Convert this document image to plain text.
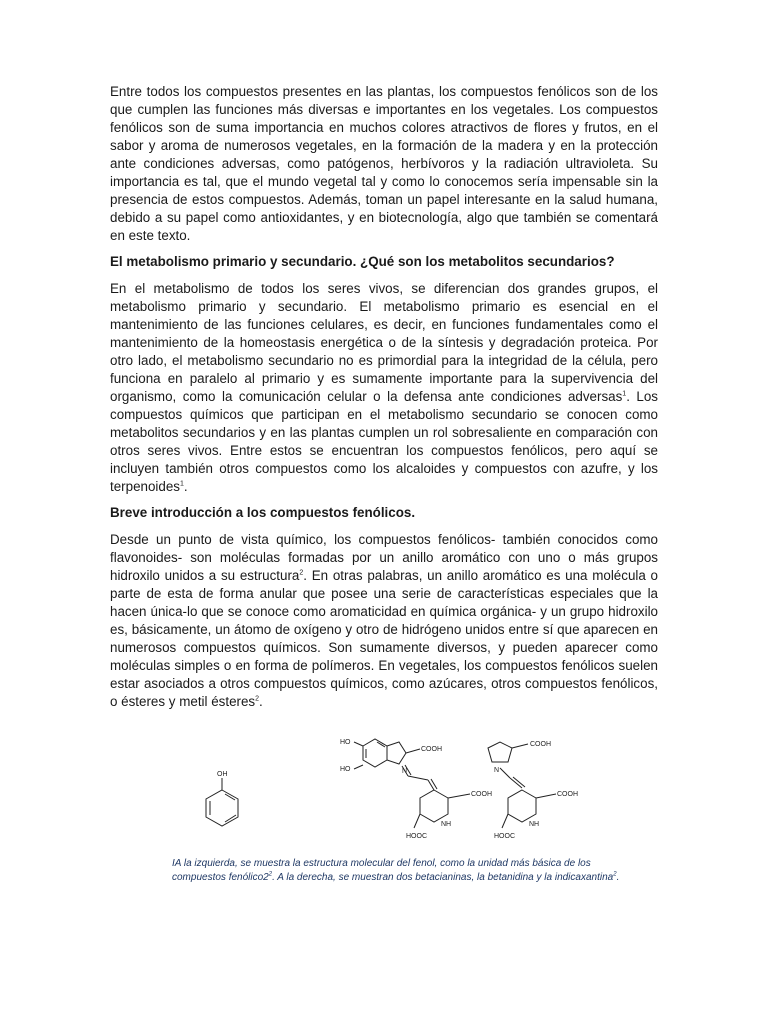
Entre todos los compuestos presentes en las plantas, los compuestos fenólicos son de los que cumplen las funciones más diversas e importantes en los vegetales. Los compuestos fenólicos son de suma importancia en muchos colores atractivos de flores y frutos, en el sabor y aroma de numerosos vegetales, en la formación de la madera y en la protección ante condiciones adversas, como patógenos, herbívoros y la radiación ultravioleta. Su importancia es tal, que el mundo vegetal tal y como lo conocemos sería impensable sin la presencia de estos compuestos. Además, toman un papel interesante en la salud humana, debido a su papel como antioxidantes, y en biotecnología, algo que también se comentará en este texto.

El metabolismo primario y secundario. ¿Qué son los metabolitos secundarios?

En el metabolismo de todos los seres vivos, se diferencian dos grandes grupos, el metabolismo primario y secundario. El metabolismo primario es esencial en el mantenimiento de las funciones celulares, es decir, en funciones fundamentales como el mantenimiento de la homeostasis energética o de la síntesis y degradación proteica. Por otro lado, el metabolismo secundario no es primordial para la integridad de la célula, pero funciona en paralelo al primario y es sumamente importante para la supervivencia del organismo, como la comunicación celular o la defensa ante condiciones adversas$^1$. Los compuestos químicos que participan en el metabolismo secundario se conocen como metabolitos secundarios y en las plantas cumplen un rol sobresaliente en comparación con otros seres vivos. Entre estos se encuentran los compuestos fenólicos, pero aquí se incluyen también otros compuestos como los alcaloides y compuestos con azufre, y los terpenoides$^1$.

Breve introducción a los compuestos fenólicos.

Desde un punto de vista químico, los compuestos fenólicos- también conocidos como flavonoides- son moléculas formadas por un anillo aromático con uno o más grupos hidroxilo unidos a su estructura$^2$. En otras palabras, un anillo aromático es una molécula o parte de esta de forma anular que posee una serie de características especiales que la hacen única-lo que se conoce como aromaticidad en química orgánica- y un grupo hidroxilo es, básicamente, un átomo de oxígeno y otro de hidrógeno unidos entre sí que aparecen en numerosos compuestos químicos. Son sumamente diversos, y pueden aparecer como moléculas simples o en forma de polímeros. En vegetales, los compuestos fenólicos suelen estar asociados a otros compuestos químicos, como azúcares, otros compuestos fenólicos, o ésteres y metil ésteres$^2$.

OH
HO
HO
COOH
N
COOH
NH
HOOC
COOH
N
COOH
NH
HOOC
IA la izquierda, se muestra la estructura molecular del fenol, como la unidad más básica de los compuestos $fenólico2^2$. A la derecha, se muestran dos betacianinas, la betanidina y la indicaxantina$^2$.
